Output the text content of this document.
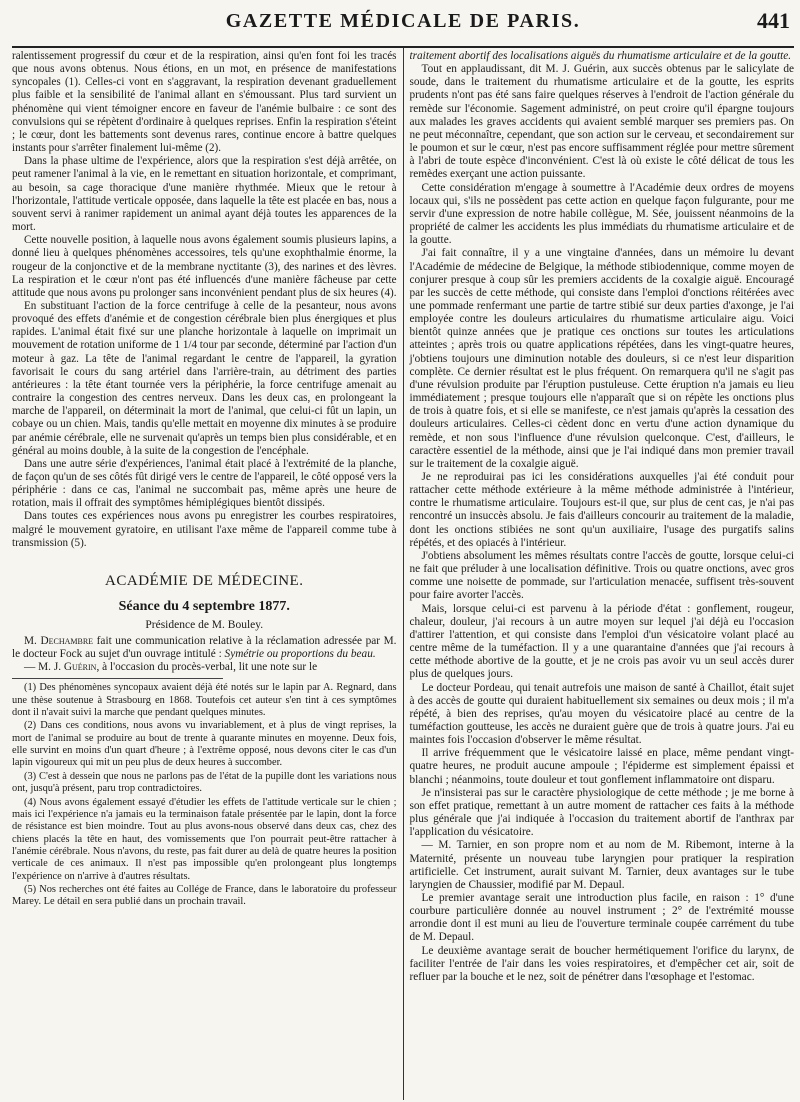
GAZETTE MÉDICALE DE PARIS.	441

ralentissement progressif du cœur et de la respiration, ainsi qu'en font foi les tracés que nous avons obtenus. Nous étions, en un mot, en présence de manifestations syncopales (1). Celles-ci vont en s'aggravant, la respiration devenant graduellement plus faible et la sensibilité de l'animal allant en s'émoussant. Plus tard survient un phénomène qui vient témoigner encore en faveur de l'anémie bulbaire : ce sont des convulsions qui se répètent d'ordinaire à quelques reprises. Enfin la respiration s'éteint ; le cœur, dont les battements sont devenus rares, continue encore à battre quelques instants pour s'arrêter finalement lui-même (2).

Dans la phase ultime de l'expérience, alors que la respiration s'est déjà arrêtée, on peut ramener l'animal à la vie, en le remettant en situation horizontale, et comprimant, au besoin, sa cage thoracique d'une manière rhythmée. Mieux que le retour à l'horizontale, l'attitude verticale opposée, dans laquelle la tête est placée en bas, nous a souvent servi à ranimer rapidement un animal ayant déjà toutes les apparences de la mort.

Cette nouvelle position, à laquelle nous avons également soumis plusieurs lapins, a donné lieu à quelques phénomènes accessoires, tels qu'une exophthalmie énorme, la rougeur de la conjonctive et de la membrane nyctitante (3), des narines et des lèvres. La respiration et le cœur n'ont pas été influencés d'une manière fâcheuse par cette attitude que nous avons pu prolonger sans inconvénient pendant plus de six heures (4).

En substituant l'action de la force centrifuge à celle de la pesanteur, nous avons provoqué des effets d'anémie et de congestion cérébrale bien plus énergiques et plus rapides. L'animal était fixé sur une planche horizontale à laquelle on imprimait un mouvement de rotation uniforme de 1 1/4 tour par seconde, déterminé par l'action d'un moteur à gaz. La tête de l'animal regardant le centre de l'appareil, la gyration favorisait le cours du sang artériel dans l'arrière-train, au détriment des parties antérieures : la tête étant tournée vers la périphérie, la force centrifuge amenait au contraire la congestion des centres nerveux. Dans les deux cas, en prolongeant la marche de l'appareil, on déterminait la mort de l'animal, que celui-ci fût un lapin, un cobaye ou un chien. Mais, tandis qu'elle mettait en moyenne dix minutes à se produire par anémie cérébrale, elle ne survenait qu'après un temps bien plus considérable, et en général au moins double, à la suite de la congestion de l'encéphale.

Dans une autre série d'expériences, l'animal était placé à l'extrémité de la planche, de façon qu'un de ses côtés fût dirigé vers le centre de l'appareil, le côté opposé vers la périphérie : dans ce cas, l'animal ne succombait pas, même après une heure de rotation, mais il offrait des symptômes hémiplégiques bientôt dissipés.

Dans toutes ces expériences nous avons pu enregistrer les courbes respiratoires, malgré le mouvement gyratoire, en utilisant l'axe même de l'appareil comme tube à transmission (5).

ACADÉMIE DE MÉDECINE.
Séance du 4 septembre 1877.
Présidence de M. Bouley.

M. Dechambre fait une communication relative à la réclamation adressée par M. le docteur Fock au sujet d'un ouvrage intitulé : Symétrie ou proportions du beau.

— M. J. Guérin, à l'occasion du procès-verbal, lit une note sur le

(1) Des phénomènes syncopaux avaient déjà été notés sur le lapin par A. Regnard, dans une thèse soutenue à Strasbourg en 1868. Toutefois cet auteur s'en tint à ces symptômes dont il n'avait suivi la marche que pendant quelques minutes.

(2) Dans ces conditions, nous avons vu invariablement, et à plus de vingt reprises, la mort de l'animal se produire au bout de trente à quarante minutes en moyenne. Deux fois, elle survint en moins d'un quart d'heure ; à l'extrême opposé, nous devons citer le cas d'un lapin vigoureux qui mit un peu plus de deux heures à succomber.

(3) C'est à dessein que nous ne parlons pas de l'état de la pupille dont les variations nous ont, jusqu'à présent, paru trop contradictoires.

(4) Nous avons également essayé d'étudier les effets de l'attitude verticale sur le chien ; mais ici l'expérience n'a jamais eu la terminaison fatale présentée par le lapin, dont la force de résistance est bien moindre. Tout au plus avons-nous observé dans deux cas, chez des chiens placés la tête en haut, des vomissements que l'on pourrait peut-être rattacher à l'anémie cérébrale. Nous n'avons, du reste, pas fait durer au delà de quatre heures la position verticale de ces animaux. Il n'est pas impossible qu'en prolongeant plus longtemps l'expérience on n'arrive à d'autres résultats.

(5) Nos recherches ont été faites au Collége de France, dans le laboratoire du professeur Marey. Le détail en sera publié dans un prochain travail.

traitement abortif des localisations aiguës du rhumatisme articulaire et de la goutte.

Tout en applaudissant, dit M. J. Guérin, aux succès obtenus par le salicylate de soude, dans le traitement du rhumatisme articulaire et de la goutte, les esprits prudents n'ont pas été sans faire quelques réserves à l'endroit de l'action générale du remède sur l'économie. Sagement administré, on peut croire qu'il épargne toujours aux malades les graves accidents qui avaient semblé marquer ses premiers pas. On ne peut méconnaître, cependant, que son action sur le cerveau, et secondairement sur le poumon et sur le cœur, n'est pas encore suffisamment réglée pour mettre sûrement à l'abri de toute espèce d'inconvénient. C'est là où existe le côté délicat de tous les remèdes exerçant une action puissante.

Cette considération m'engage à soumettre à l'Académie deux ordres de moyens locaux qui, s'ils ne possèdent pas cette action en quelque façon fulgurante, pour me servir d'une expression de notre habile collègue, M. Sée, jouissent néanmoins de la propriété de calmer les accidents les plus immédiats du rhumatisme articulaire et de la goutte.

J'ai fait connaître, il y a une vingtaine d'années, dans un mémoire lu devant l'Académie de médecine de Belgique, la méthode stibiodennique, comme moyen de conjurer presque à coup sûr les premiers accidents de la coxalgie aiguë. Encouragé par les succès de cette méthode, qui consiste dans l'emploi d'onctions réitérées avec une pommade renfermant une partie de tartre stibié sur deux parties d'axonge, je l'ai employée contre les douleurs articulaires du rhumatisme articulaire aigu. Voici bientôt quinze années que je pratique ces onctions sur toutes les articulations atteintes ; après trois ou quatre applications répétées, dans les vingt-quatre heures, j'obtiens toujours une diminution notable des douleurs, si ce n'est leur disparition complète. Ce dernier résultat est le plus fréquent. On remarquera qu'il ne s'agit pas d'une révulsion produite par l'éruption pustuleuse. Cette éruption n'a jamais eu lieu immédiatement ; presque toujours elle n'apparaît que si on répète les onctions plus de trois à quatre fois, et si elle se manifeste, ce n'est jamais qu'après la cessation des douleurs articulaires. Celles-ci cèdent donc en vertu d'une action dynamique du remède, et non sous l'influence d'une révulsion quelconque. C'est, d'ailleurs, le caractère essentiel de la méthode, ainsi que je l'ai indiqué dans mon premier travail sur le traitement de la coxalgie aiguë.

Je ne reproduirai pas ici les considérations auxquelles j'ai été conduit pour rattacher cette méthode extérieure à la même méthode administrée à l'intérieur, contre le rhumatisme articulaire. Toujours est-il que, sur plus de cent cas, je n'ai pas rencontré un insuccès absolu. Je fais d'ailleurs concourir au traitement de la maladie, dont les onctions stibiées ne sont qu'un auxiliaire, l'usage des purgatifs salins répétés, et des opiacés à l'intérieur.

J'obtiens absolument les mêmes résultats contre l'accès de goutte, lorsque celui-ci ne fait que préluder à une localisation définitive. Trois ou quatre onctions, avec gros comme une noisette de pommade, sur l'articulation menacée, suffisent très-souvent pour faire avorter l'accès.

Mais, lorsque celui-ci est parvenu à la période d'état : gonflement, rougeur, chaleur, douleur, j'ai recours à un autre moyen sur lequel j'ai déjà eu l'occasion d'attirer l'attention, et qui consiste dans l'emploi d'un vésicatoire volant placé au centre même de la tuméfaction. Il y a une quarantaine d'années que j'ai recours à cette méthode abortive de la goutte, et je ne crois pas avoir vu un seul accès durer plus de quelques jours.

Le docteur Pordeau, qui tenait autrefois une maison de santé à Chaillot, était sujet à des accès de goutte qui duraient habituellement six semaines ou deux mois ; il m'a répété, à bien des reprises, qu'au moyen du vésicatoire placé au centre de la tuméfaction goutteuse, les accès ne duraient guère que de trois à quatre jours. J'ai eu maintes fois l'occasion d'observer le même résultat.

Il arrive fréquemment que le vésicatoire laissé en place, même pendant vingt-quatre heures, ne produit aucune ampoule ; l'épiderme est simplement épaissi et blanchi ; néanmoins, toute douleur et tout gonflement inflammatoire ont disparu.

Je n'insisterai pas sur le caractère physiologique de cette méthode ; je me borne à son effet pratique, remettant à un autre moment de rattacher ces faits à la méthode plus générale que j'ai indiquée à l'occasion du traitement abortif de l'anthrax par l'application du vésicatoire.

— M. Tarnier, en son propre nom et au nom de M. Ribemont, interne à la Maternité, présente un nouveau tube laryngien pour pratiquer la respiration artificielle. Cet instrument, aurait suivant M. Tarnier, deux avantages sur le tube laryngien de Chaussier, modifié par M. Depaul.

Le premier avantage serait une introduction plus facile, en raison : 1° d'une courbure particulière donnée au nouvel instrument ; 2° de l'extrémité mousse arrondie dont il est muni au lieu de l'ouverture terminale coupée carrément du tube de M. Depaul.

Le deuxième avantage serait de boucher hermétiquement l'orifice du larynx, de faciliter l'entrée de l'air dans les voies respiratoires, et d'empêcher cet air, soit de refluer par la bouche et le nez, soit de pénétrer dans l'œsophage et l'estomac.
